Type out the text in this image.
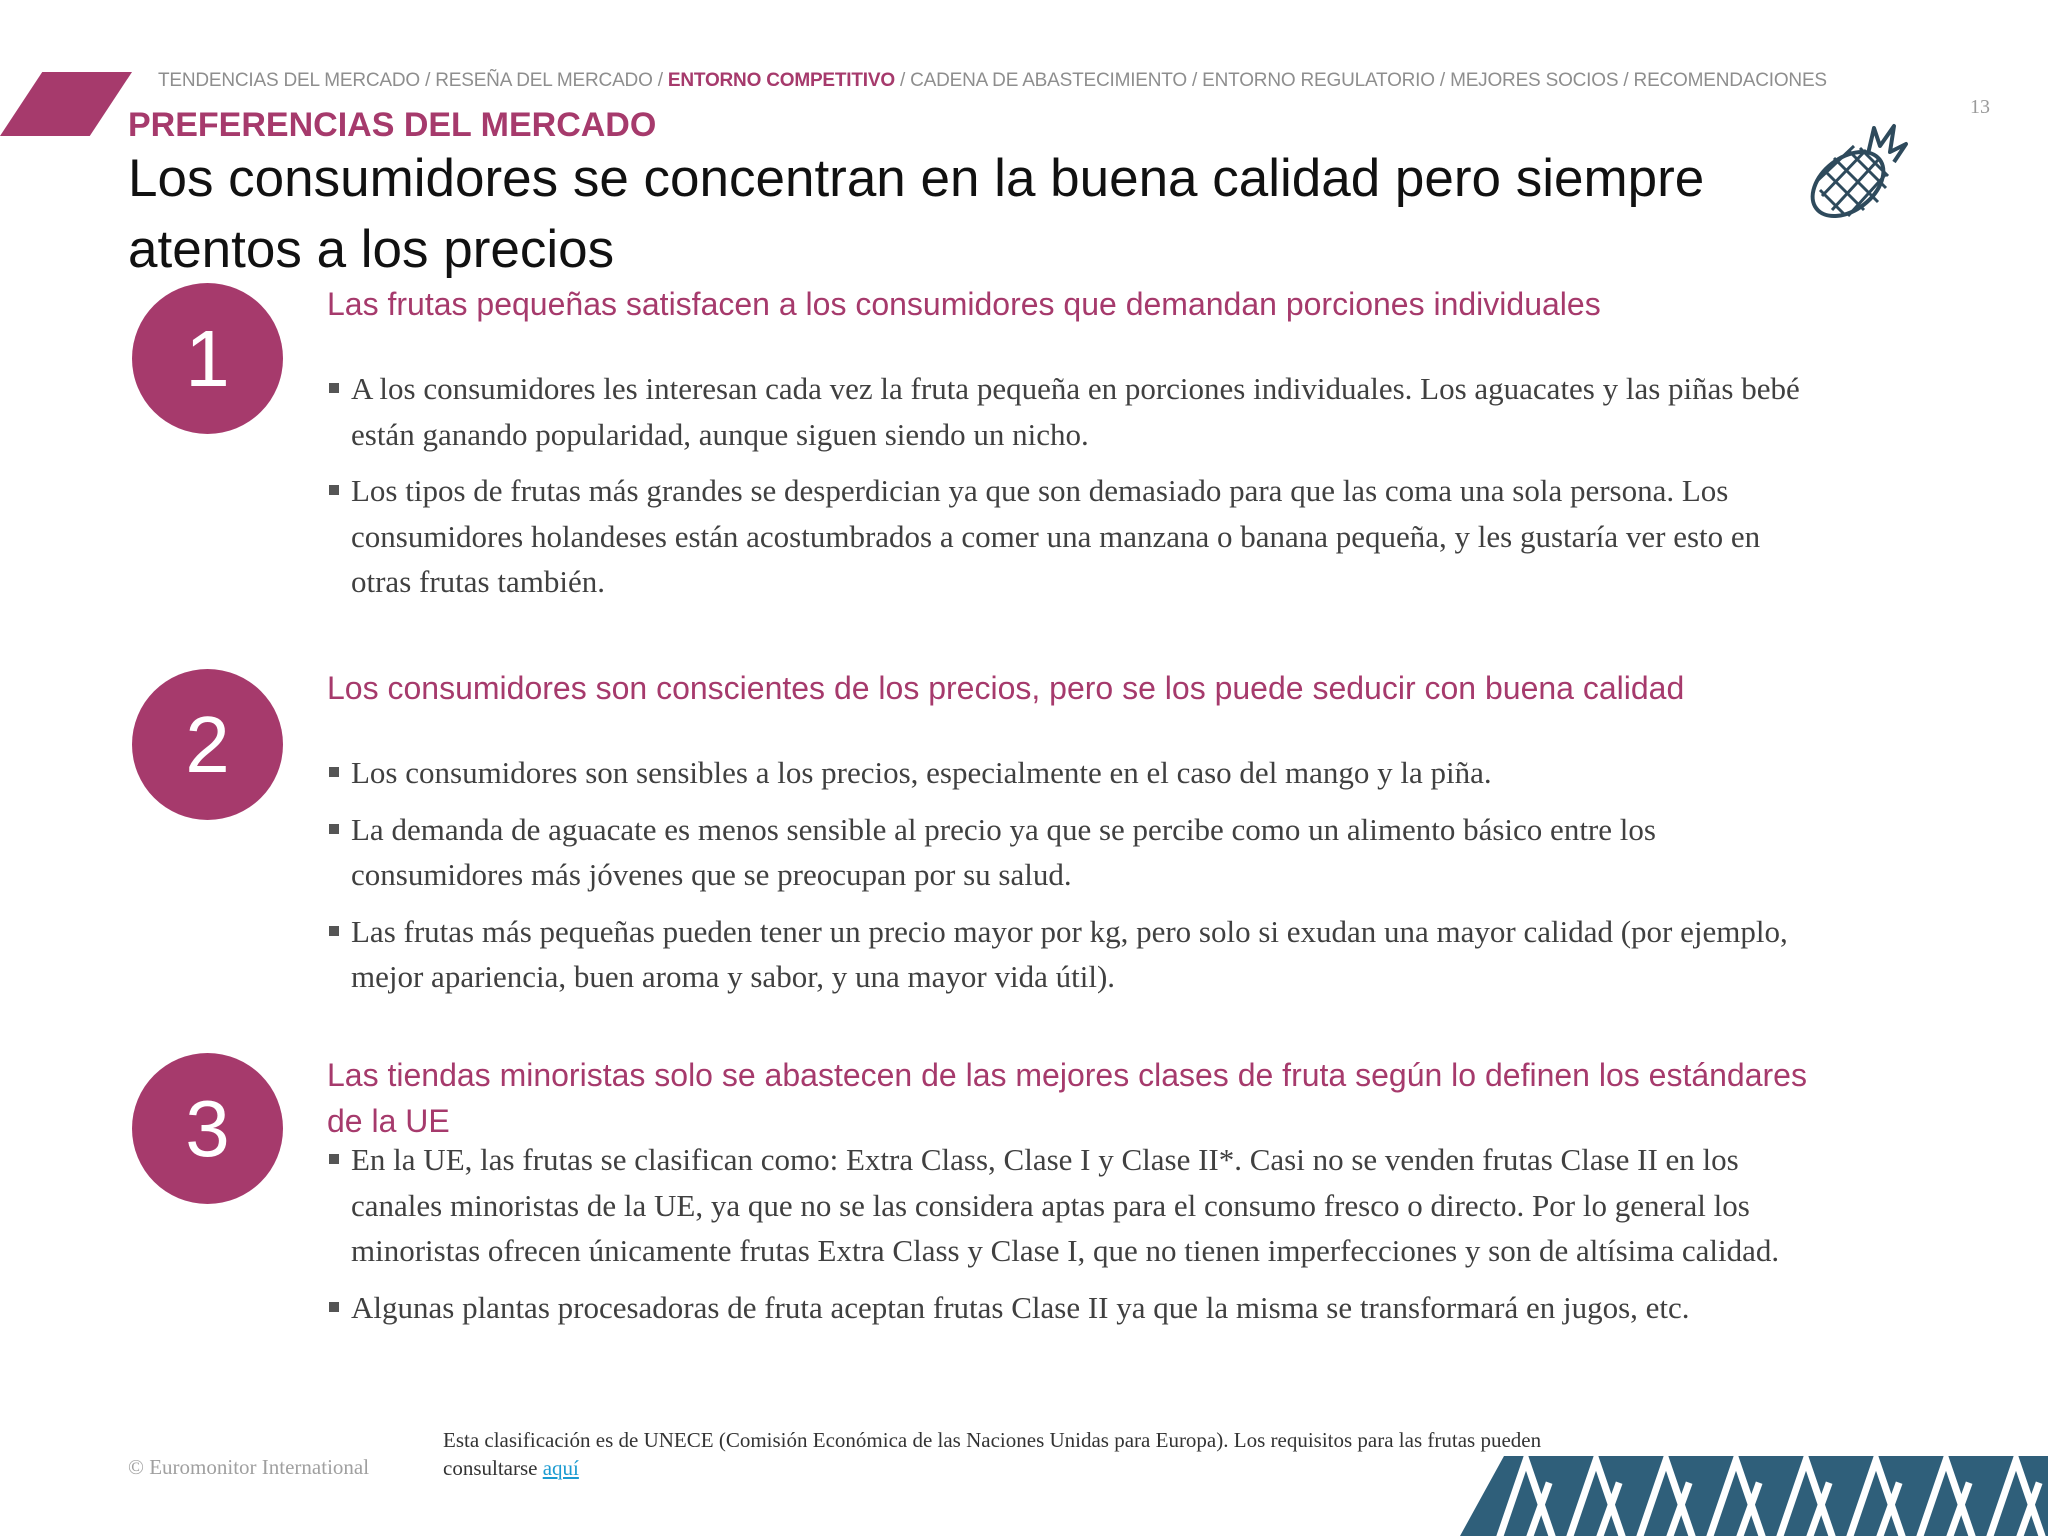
TENDENCIAS DEL MERCADO / RESEÑA DEL MERCADO / ENTORNO COMPETITIVO / CADENA DE ABASTECIMIENTO / ENTORNO REGULATORIO / MEJORES SOCIOS / RECOMENDACIONES
13
PREFERENCIAS DEL MERCADO
Los consumidores se concentran en la buena calidad pero siempre atentos a los precios
1
Las frutas pequeñas satisfacen a los consumidores que demandan porciones individuales
A los consumidores les interesan cada vez la fruta pequeña en porciones individuales. Los aguacates y las piñas bebé están ganando popularidad, aunque siguen siendo un nicho.
Los tipos de frutas más grandes se desperdician ya que son demasiado para que las coma una sola persona. Los consumidores holandeses están acostumbrados a comer una manzana o banana pequeña, y les gustaría ver esto en otras frutas también.
2
Los consumidores son conscientes de los precios, pero se los puede seducir con buena calidad
Los consumidores son sensibles a los precios, especialmente en el caso del mango y la piña.
La demanda de aguacate es menos sensible al precio ya que se percibe como un alimento básico entre los consumidores más jóvenes que se preocupan por su salud.
Las frutas más pequeñas pueden tener un precio mayor por kg, pero solo si exudan una mayor calidad (por ejemplo, mejor apariencia, buen aroma y sabor, y una mayor vida útil).
3
Las tiendas minoristas solo se abastecen de las mejores clases de fruta según lo definen los estándares de la UE
En la UE, las frutas se clasifican como: Extra Class, Clase I y Clase II*. Casi no se venden frutas Clase II en los canales minoristas de la UE, ya que no se las considera aptas para el consumo fresco o directo. Por lo general los minoristas ofrecen únicamente frutas Extra Class y Clase I, que no tienen imperfecciones y son de altísima calidad.
Algunas plantas procesadoras de fruta aceptan frutas Clase II ya que la misma se transformará en jugos, etc.
© Euromonitor International
Esta clasificación es de UNECE (Comisión Económica de las Naciones Unidas para Europa). Los requisitos para las frutas pueden consultarse aquí
